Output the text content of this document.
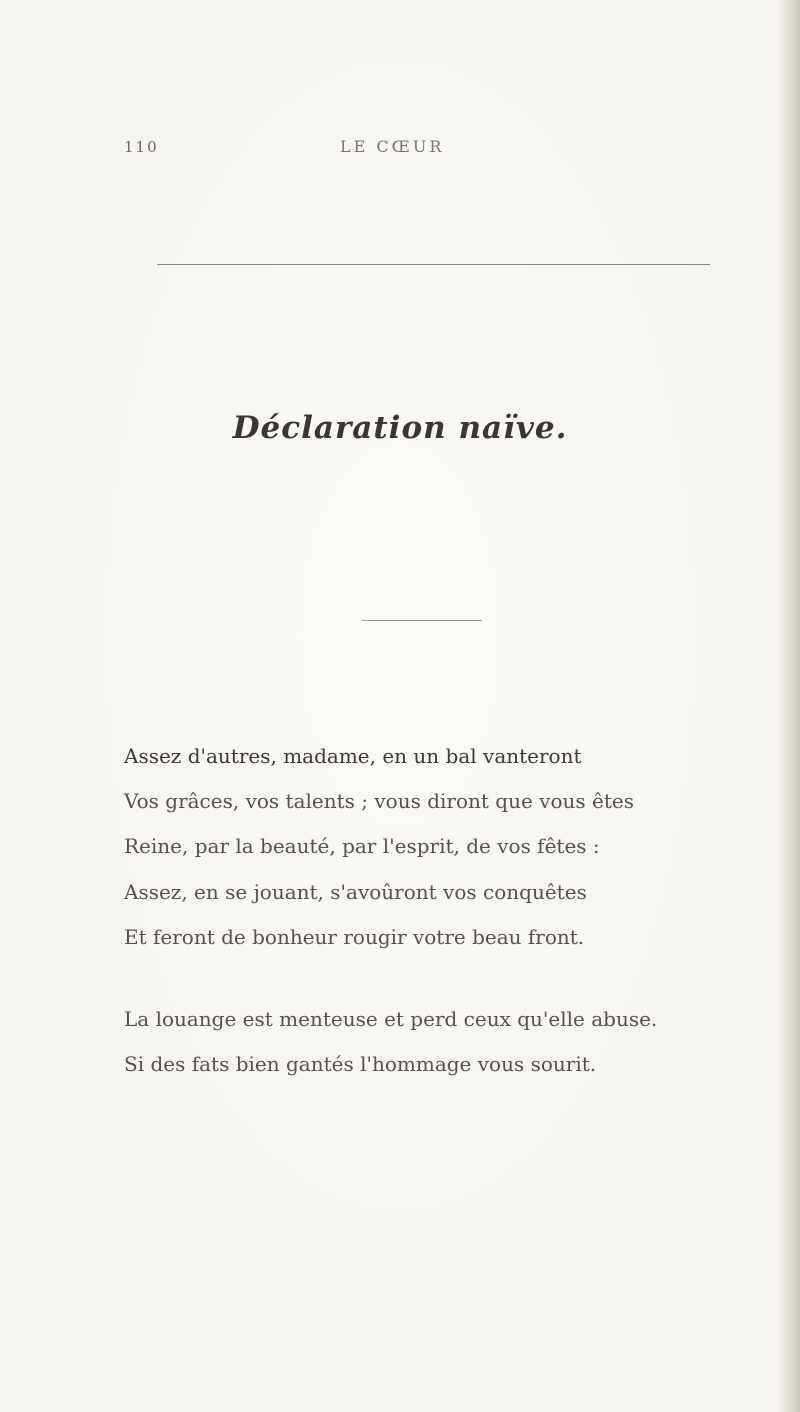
110	LE CŒUR
Déclaration naïve.
Assez d'autres, madame, en un bal vanteront
Vos grâces, vos talents ; vous diront que vous êtes
Reine, par la beauté, par l'esprit, de vos fêtes :
Assez, en se jouant, s'avoûront vos conquêtes
Et feront de bonheur rougir votre beau front.
La louange est menteuse et perd ceux qu'elle abuse.
Si des fats bien gantés l'hommage vous sourit.
